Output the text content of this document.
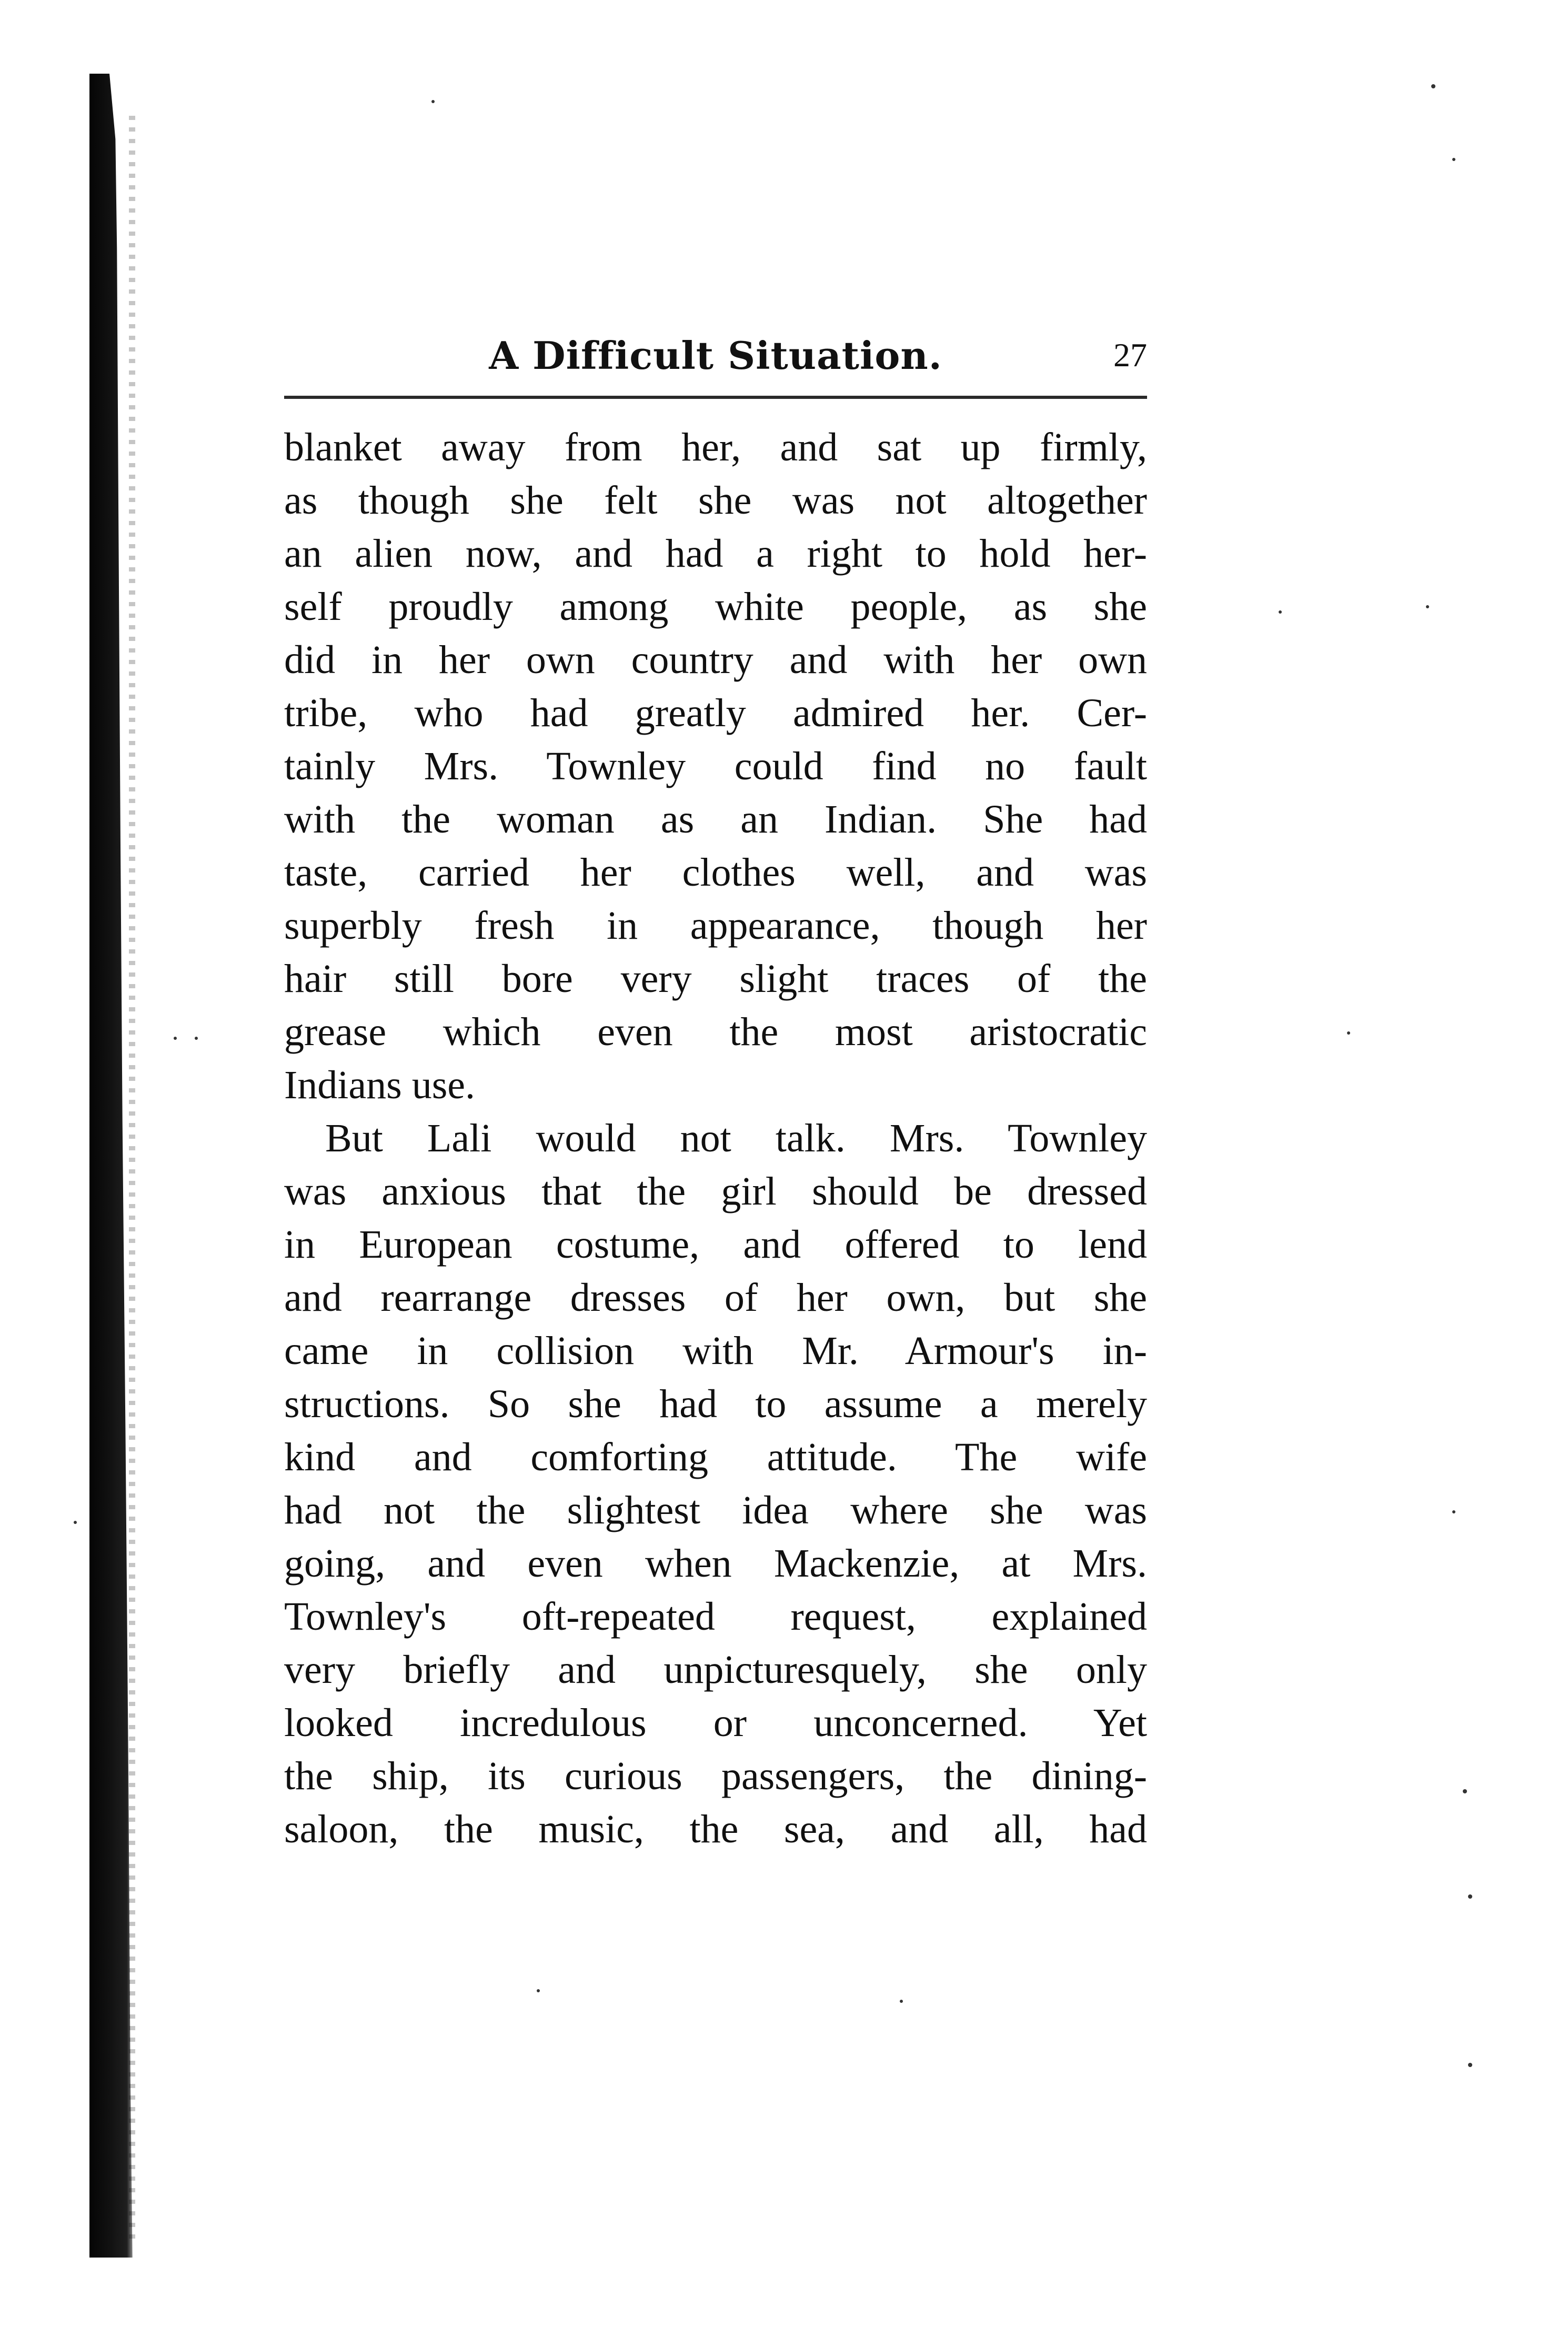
A Difficult Situation.	27
blanket away from her, and sat up firmly,
as though she felt she was not altogether
an alien now, and had a right to hold her-
self proudly among white people, as she
did in her own country and with her own
tribe, who had greatly admired her. Cer-
tainly Mrs. Townley could find no fault
with the woman as an Indian. She had
taste, carried her clothes well, and was
superbly fresh in appearance, though her
hair still bore very slight traces of the
grease which even the most aristocratic
Indians use.
But Lali would not talk. Mrs. Townley
was anxious that the girl should be dressed
in European costume, and offered to lend
and rearrange dresses of her own, but she
came in collision with Mr. Armour's in-
structions. So she had to assume a merely
kind and comforting attitude. The wife
had not the slightest idea where she was
going, and even when Mackenzie, at Mrs.
Townley's oft-repeated request, explained
very briefly and unpicturesquely, she only
looked incredulous or unconcerned. Yet
the ship, its curious passengers, the dining-
saloon, the music, the sea, and all, had
